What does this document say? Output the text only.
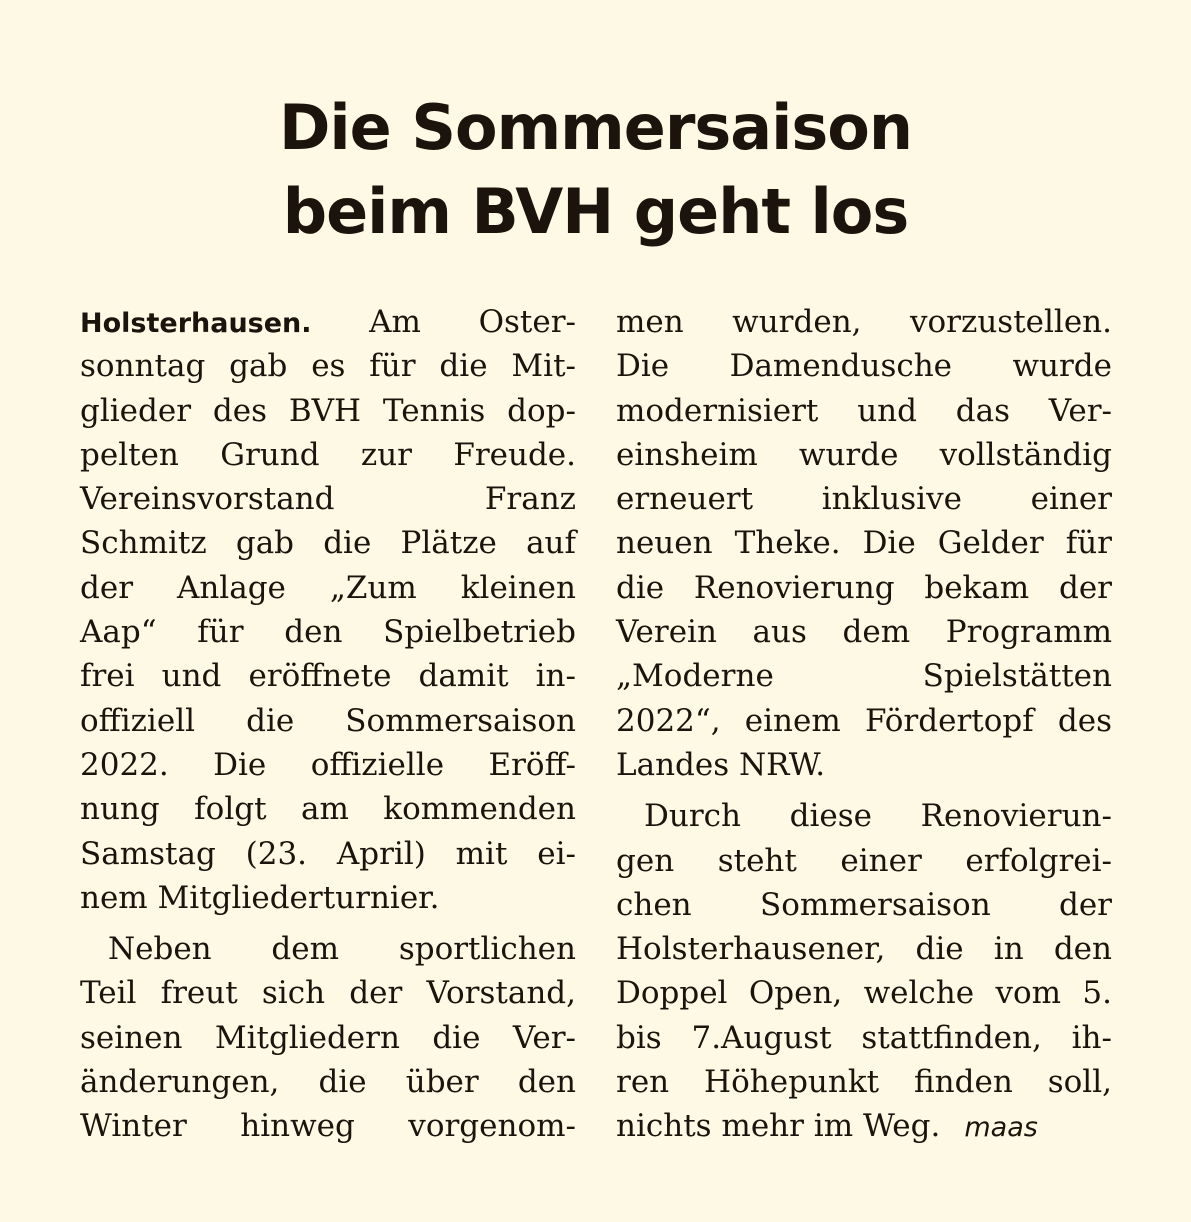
Die Sommersaison
beim BVH geht los
Holsterhausen. Am Oster-
sonntag gab es für die Mit-
glieder des BVH Tennis dop-
pelten Grund zur Freude.
Vereinsvorstand Franz
Schmitz gab die Plätze auf
der Anlage „Zum kleinen
Aap“ für den Spielbetrieb
frei und eröffnete damit in-
offiziell die Sommersaison
2022. Die offizielle Eröff-
nung folgt am kommenden
Samstag (23. April) mit ei-
nem Mitgliederturnier.
Neben dem sportlichen
Teil freut sich der Vorstand,
seinen Mitgliedern die Ver-
änderungen, die über den
Winter hinweg vorgenom-
men wurden, vorzustellen.
Die Damendusche wurde
modernisiert und das Ver-
einsheim wurde vollständig
erneuert inklusive einer
neuen Theke. Die Gelder für
die Renovierung bekam der
Verein aus dem Programm
„Moderne Spielstätten
2022“, einem Fördertopf des
Landes NRW.
Durch diese Renovierun-
gen steht einer erfolgrei-
chen Sommersaison der
Holsterhausener, die in den
Doppel Open, welche vom 5.
bis 7.August stattfinden, ih-
ren Höhepunkt finden soll,
nichts mehr im Weg. maas
